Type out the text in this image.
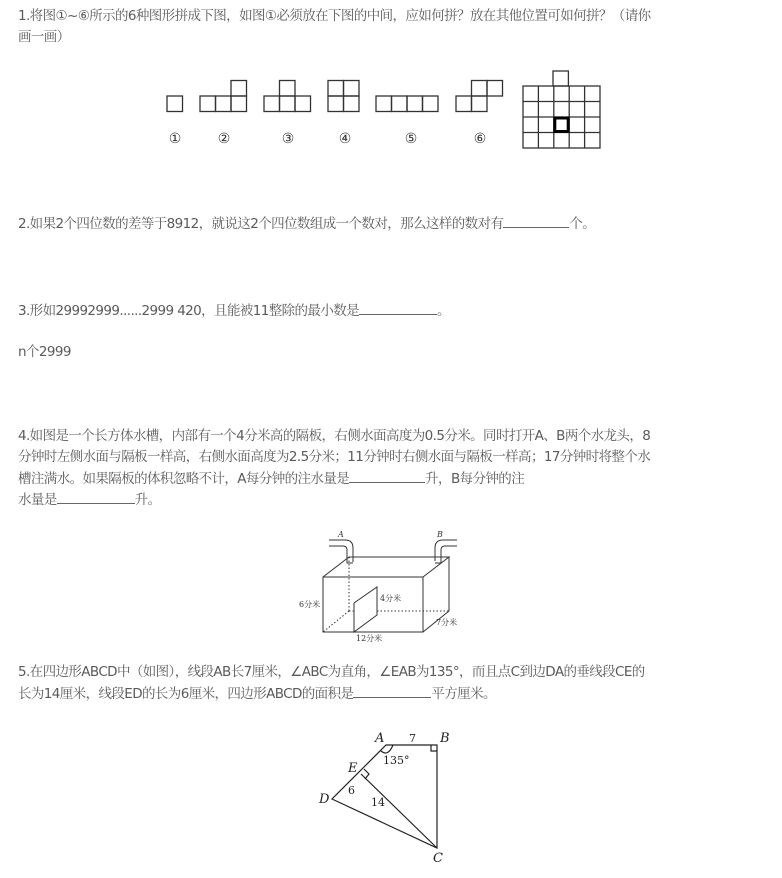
1.将图①~⑥所示的6种图形拼成下图，如图①必须放在下图的中间，应如何拼？放在其他位置可如何拼？（请你
画一画）
①	②	③	④	⑤	⑥
2.如果2个四位数的差等于8912，就说这2个四位数组成一个数对，那么这样的数对有	个。
3.形如29992999......2999 420，且能被11整除的最小数是	。
n个2999
4.如图是一个长方体水槽，内部有一个4分米高的隔板，右侧水面高度为0.5分米。同时打开A、B两个水龙头，8
分钟时左侧水面与隔板一样高，右侧水面高度为2.5分米；11分钟时右侧水面与隔板一样高；17分钟时将整个水
槽注满水。如果隔板的体积忽略不计，A每分钟的注水量是	升，B每分钟的注
水量是	升。
A	B
6分米
4分米
12分米
7分米
5.在四边形ABCD中（如图），线段AB长7厘米，∠ABC为直角，∠EAB为135°，而且点C到边DA的垂线段CE的
长为14厘米，线段ED的长为6厘米，四边形ABCD的面积是	平方厘米。
A	B
C
D
E
7
135°
6
14
